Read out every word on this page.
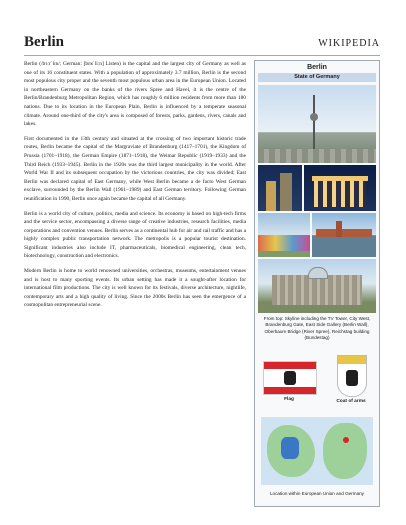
Berlin	WIKIPEDIA

Berlin (/bɜːrˈlɪn/; German: [bɛʁˈliːn] Listen) is the capital and the largest city of Germany as well as one of its 16 constituent states. With a population of approximately 3.7 million, Berlin is the second most populous city proper and the seventh most populous urban area in the European Union. Located in northeastern Germany on the banks of the rivers Spree and Havel, it is the centre of the Berlin/Brandenburg Metropolitan Region, which has roughly 6 million residents from more than 180 nations. Due to its location in the European Plain, Berlin is influenced by a temperate seasonal climate. Around one-third of the city's area is composed of forests, parks, gardens, rivers, canals and lakes.

First documented in the 13th century and situated at the crossing of two important historic trade routes, Berlin became the capital of the Margraviate of Brandenburg (1417–1701), the Kingdom of Prussia (1701–1918), the German Empire (1871–1918), the Weimar Republic (1919–1933) and the Third Reich (1933–1945). Berlin in the 1920s was the third largest municipality in the world. After World War II and its subsequent occupation by the victorious countries, the city was divided; East Berlin was declared capital of East Germany, while West Berlin became a de facto West German exclave, surrounded by the Berlin Wall (1961–1989) and East German territory. Following German reunification in 1990, Berlin once again became the capital of all Germany.

Berlin is a world city of culture, politics, media and science. Its economy is based on high-tech firms and the service sector, encompassing a diverse range of creative industries, research facilities, media corporations and convention venues. Berlin serves as a continental hub for air and rail traffic and has a highly complex public transportation network. The metropolis is a popular tourist destination. Significant industries also include IT, pharmaceuticals, biomedical engineering, clean tech, biotechnology, construction and electronics.

Modern Berlin is home to world renowned universities, orchestras, museums, entertainment venues and is host to many sporting events. Its urban setting has made it a sought-after location for international film productions. The city is well known for its festivals, diverse architecture, nightlife, contemporary arts and a high quality of living. Since the 2000s Berlin has seen the emergence of a cosmopolitan entrepreneurial scene.

Berlin
State of Germany
From top: Skyline including the TV Tower, City West, Brandenburg Gate, East Side Gallery (Berlin Wall), Oberbaum Bridge (River Spree), Reichstag building (Bundestag)
Flag	Coat of arms
Location within European Union and Germany
